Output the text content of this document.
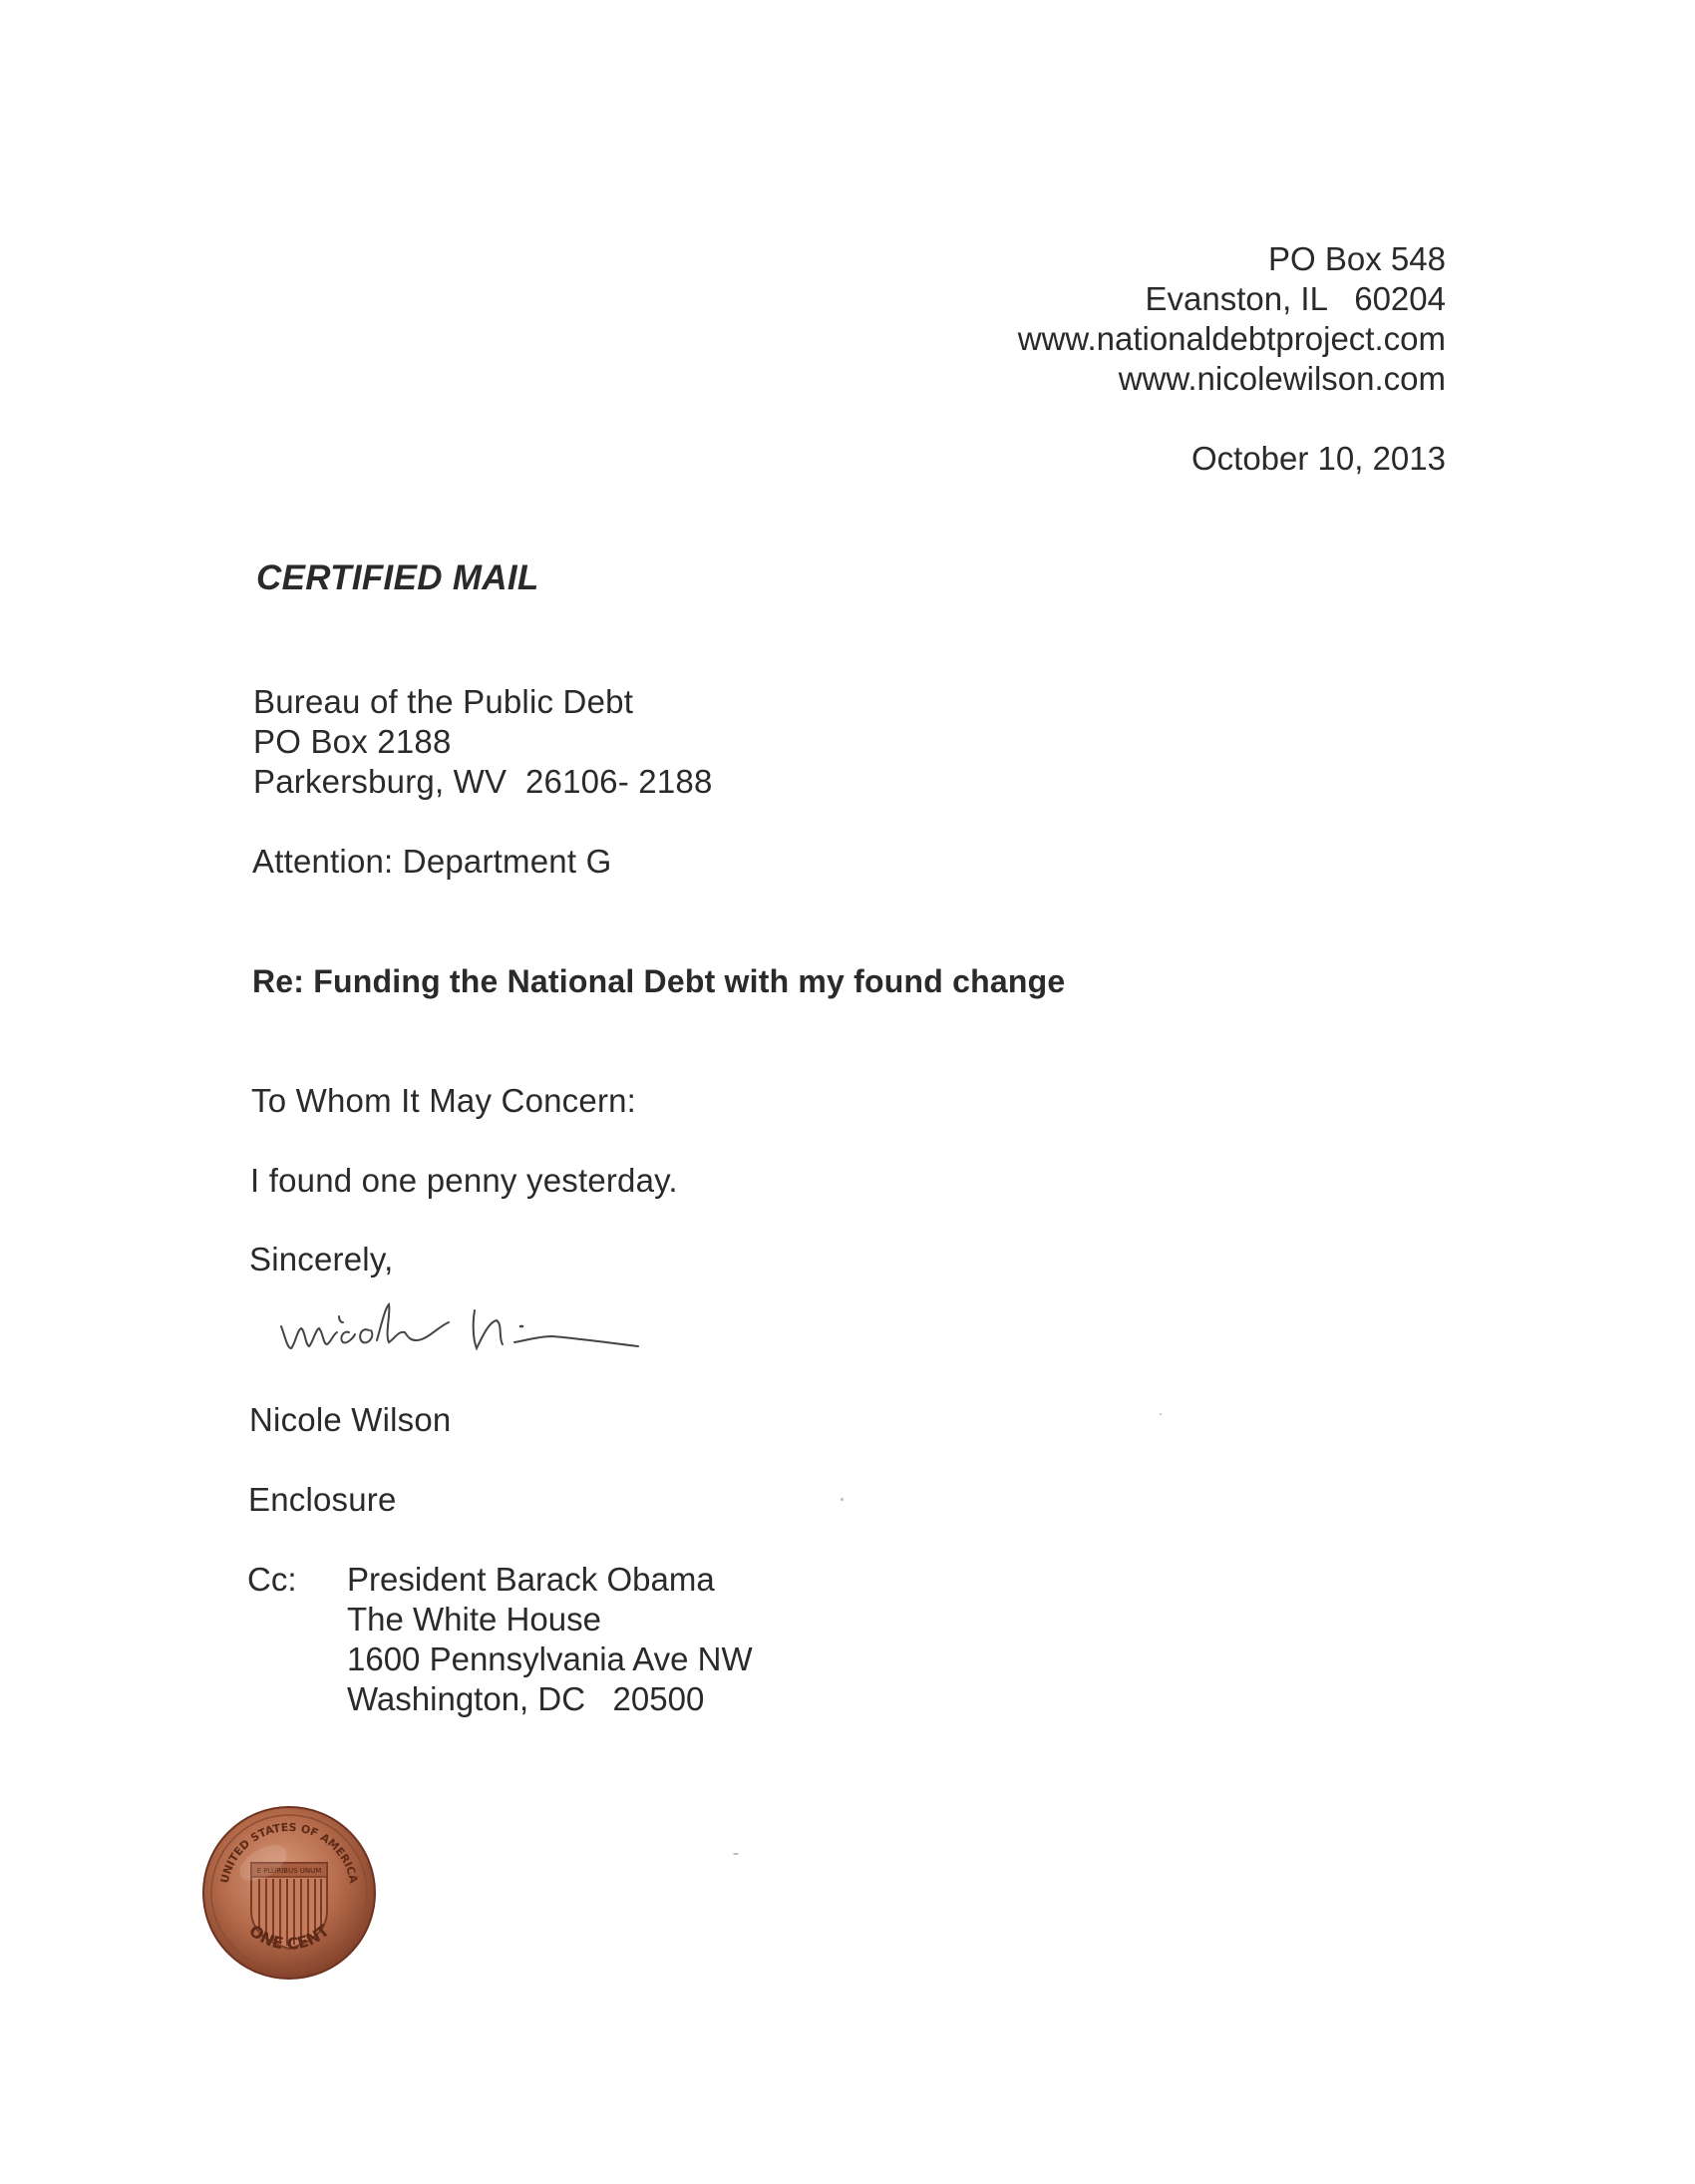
PO Box 548
Evanston, IL   60204
www.nationaldebtproject.com
www.nicolewilson.com
October 10, 2013
CERTIFIED MAIL
Bureau of the Public Debt
PO Box 2188
Parkersburg, WV  26106- 2188
Attention: Department G
Re: Funding the National Debt with my found change
To Whom It May Concern:
I found one penny yesterday.
Sincerely,
Nicole Wilson
Enclosure
Cc: President Barack Obama
The White House
1600 Pennsylvania Ave NW
Washington, DC   20500
UNITED STATES OF AMERICA
ONE CENT
E PLURIBUS UNUM
